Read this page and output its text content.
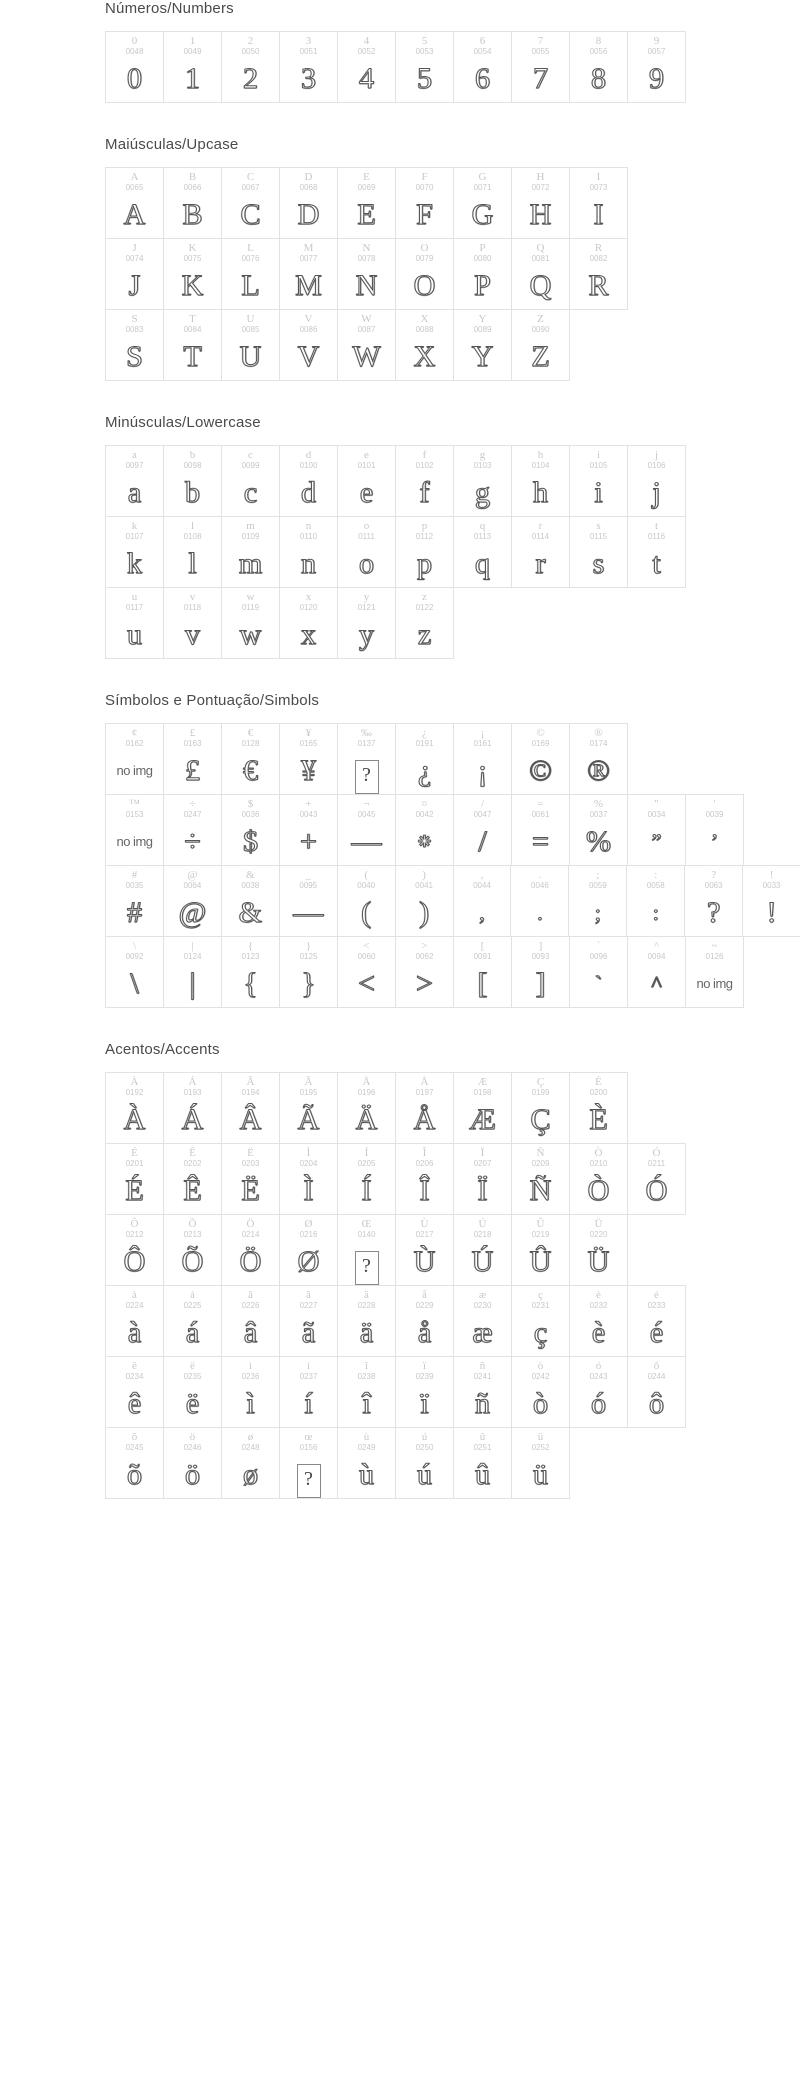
Números/Numbers
0
0048
0
1
0049
1
2
0050
2
3
0051
3
4
0052
4
5
0053
5
6
0054
6
7
0055
7
8
0056
8
9
0057
9
Maiúsculas/Upcase
A
0065
A
B
0066
B
C
0067
C
D
0068
D
E
0069
E
F
0070
F
G
0071
G
H
0072
H
I
0073
I
J
0074
J
K
0075
K
L
0076
L
M
0077
M
N
0078
N
O
0079
O
P
0080
P
Q
0081
Q
R
0082
R
S
0083
S
T
0084
T
U
0085
U
V
0086
V
W
0087
W
X
0088
X
Y
0089
Y
Z
0090
Z
Minúsculas/Lowercase
a
0097
a
b
0098
b
c
0099
c
d
0100
d
e
0101
e
f
0102
f
g
0103
g
h
0104
h
i
0105
i
j
0106
j
k
0107
k
l
0108
l
m
0109
m
n
0110
n
o
0111
o
p
0112
p
q
0113
q
r
0114
r
s
0115
s
t
0116
t
u
0117
u
v
0118
v
w
0119
w
x
0120
x
y
0121
y
z
0122
z
Símbolos e Pontuação/Simbols
¢
0162
no img
£
0163
£
€
0128
€
¥
0165
¥
‰
0137
?
¿
0191
¿
¡
0161
¡
©
0169
©
®
0174
®
™
0153
no img
÷
0247
÷
$
0036
$
+
0043
+
¬
0045
—
¤
0042
⁕
/
0047
/
=
0061
=
%
0037
%
"
0034
”
'
0039
’
#
0035
#
@
0064
@
&
0038
&
_
0095
—
(
0040
(
)
0041
)
,
0044
,
.
0046
.
;
0059
;
:
0058
:
?
0063
?
!
0033
!
\
0092
\
|
0124
|
{
0123
{
}
0125
}
<
0060
<
>
0062
>
[
0091
[
]
0093
]
`
0096
`
^
0094
^
~
0126
no img
Acentos/Accents
À
0192
À
Á
0193
Á
Â
0194
Â
Ã
0195
Ã
Ä
0196
Ä
Å
0197
Å
Æ
0198
Æ
Ç
0199
Ç
È
0200
È
É
0201
É
Ê
0202
Ê
Ë
0203
Ë
Ì
0204
Ì
Í
0205
Í
Î
0206
Î
Ï
0207
Ï
Ñ
0209
Ñ
Ò
0210
Ò
Ó
0211
Ó
Ô
0212
Ô
Õ
0213
Õ
Ö
0214
Ö
Ø
0216
Ø
Œ
0140
?
Ù
0217
Ù
Ú
0218
Ú
Û
0219
Û
Ü
0220
Ü
à
0224
à
á
0225
á
â
0226
â
ã
0227
ã
ä
0228
ä
å
0229
å
æ
0230
æ
ç
0231
ç
è
0232
è
é
0233
é
ê
0234
ê
ë
0235
ë
ì
0236
ì
í
0237
í
î
0238
î
ï
0239
ï
ñ
0241
ñ
ò
0242
ò
ó
0243
ó
ô
0244
ô
õ
0245
õ
ö
0246
ö
ø
0248
ø
œ
0156
?
ù
0249
ù
ú
0250
ú
û
0251
û
ü
0252
ü
